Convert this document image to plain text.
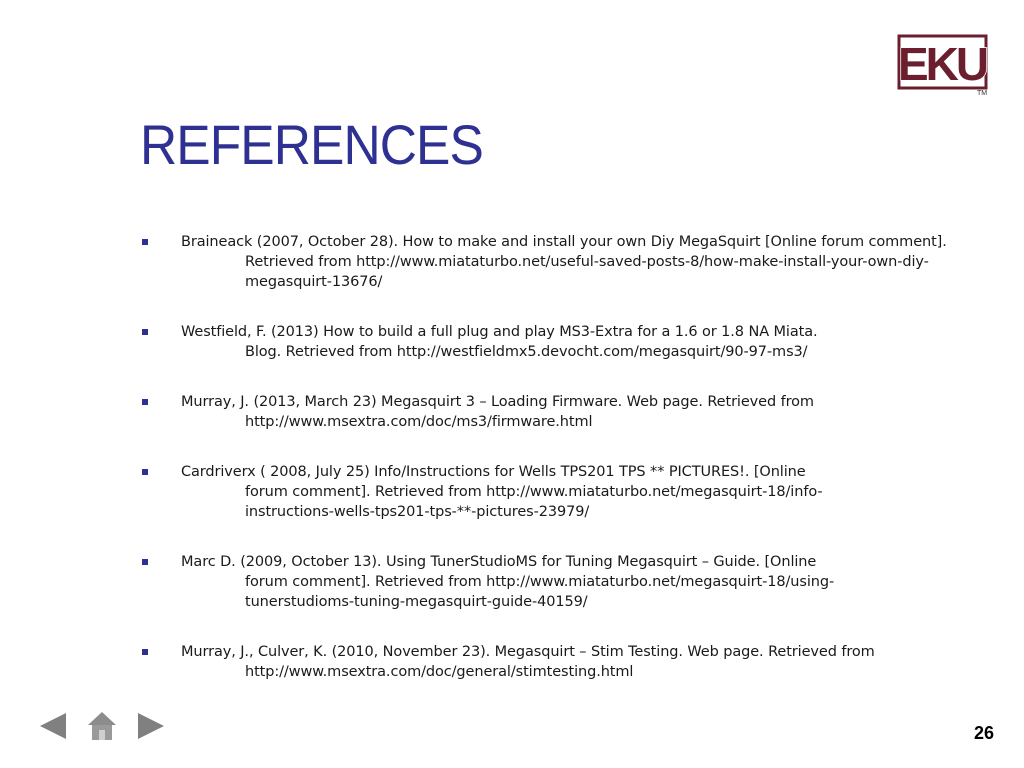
EKU
TM
REFERENCES
Braineack (2007, October 28). How to make and install your own Diy MegaSquirt [Online forum comment].
Retrieved from http://www.miataturbo.net/useful-saved-posts-8/how-make-install-your-own-diy-
megasquirt-13676/
Westfield, F. (2013) How to build a full plug and play MS3-Extra for a 1.6 or 1.8 NA Miata.
Blog. Retrieved from http://westfieldmx5.devocht.com/megasquirt/90-97-ms3/
Murray, J. (2013, March 23) Megasquirt 3 – Loading Firmware. Web page. Retrieved from
http://www.msextra.com/doc/ms3/firmware.html
Cardriverx ( 2008, July 25) Info/Instructions for Wells TPS201 TPS ** PICTURES!. [Online
forum comment]. Retrieved from http://www.miataturbo.net/megasquirt-18/info-
instructions-wells-tps201-tps-**-pictures-23979/
Marc D. (2009, October 13). Using TunerStudioMS for Tuning Megasquirt – Guide. [Online
forum comment]. Retrieved from http://www.miataturbo.net/megasquirt-18/using-
tunerstudioms-tuning-megasquirt-guide-40159/
Murray, J., Culver, K. (2010, November 23). Megasquirt – Stim Testing. Web page. Retrieved from
http://www.msextra.com/doc/general/stimtesting.html
26
